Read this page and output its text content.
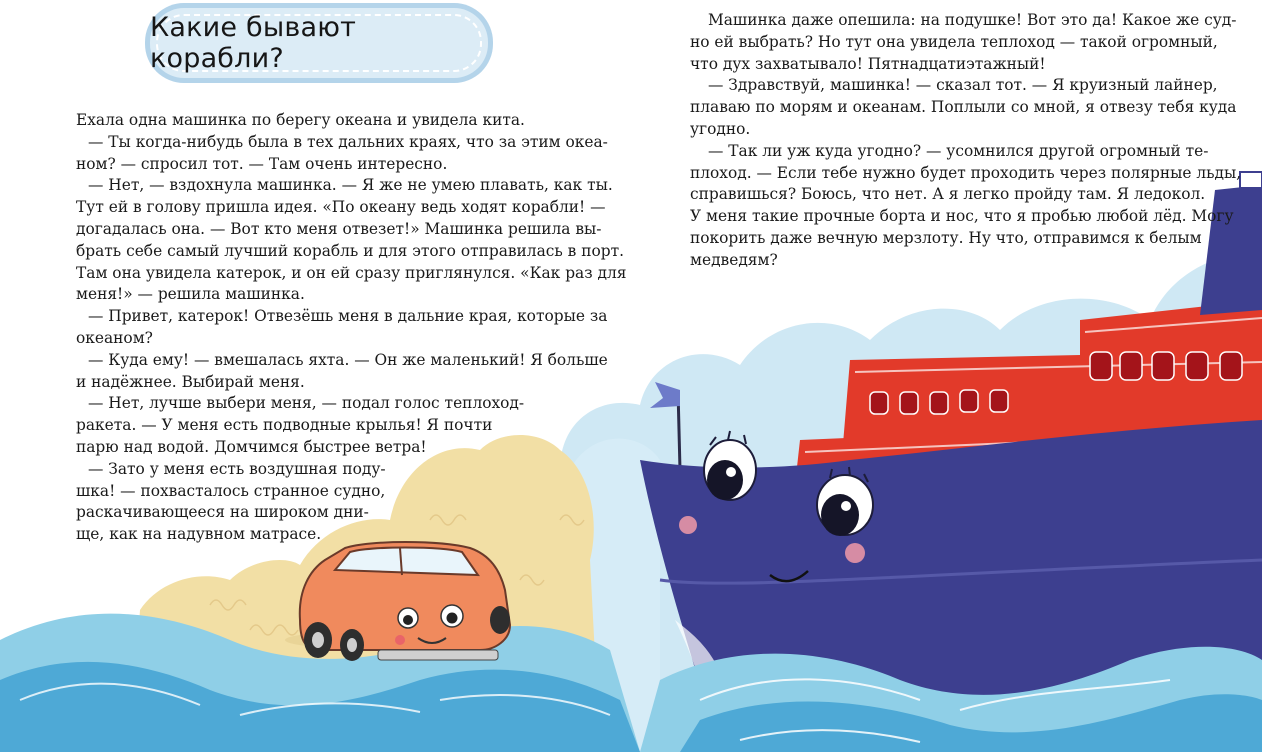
Какие бывают корабли?
Ехала одна машинка по берегу океана и увидела кита.
— Ты когда-нибудь была в тех дальних краях, что за этим океа-
ном? — спросил тот. — Там очень интересно.
— Нет, — вздохнула машинка. — Я же не умею плавать, как ты.
Тут ей в голову пришла идея. «По океану ведь ходят корабли! —
догадалась она. — Вот кто меня отвезет!» Машинка решила вы-
брать себе самый лучший корабль и для этого отправилась в порт.
Там она увидела катерок, и он ей сразу приглянулся. «Как раз для
меня!» — решила машинка.
— Привет, катерок! Отвезёшь меня в дальние края, которые за
океаном?
— Куда ему! — вмешалась яхта. — Он же маленький! Я больше
и надёжнее. Выбирай меня.
— Нет, лучше выбери меня, — подал голос теплоход-
ракета. — У меня есть подводные крылья! Я почти
парю над водой. Домчимся быстрее ветра!
— Зато у меня есть воздушная поду-
шка! — похвасталось странное судно,
раскачивающееся на широком дни-
ще, как на надувном матрасе.
Машинка даже опешила: на подушке! Вот это да! Какое же суд-
но ей выбрать? Но тут она увидела теплоход — такой огромный,
что дух захватывало! Пятнадцатиэтажный!
— Здравствуй, машинка! — сказал тот. — Я круизный лайнер,
плаваю по морям и океанам. Поплыли со мной, я отвезу тебя куда
угодно.
— Так ли уж куда угодно? — усомнился другой огромный те-
плоход. — Если тебе нужно будет проходить через полярные льды,
справишься? Боюсь, что нет. А я легко пройду там. Я ледокол.
У меня такие прочные борта и нос, что я пробью любой лёд. Могу
покорить даже вечную мерзлоту. Ну что, отправимся к белым
медведям?
